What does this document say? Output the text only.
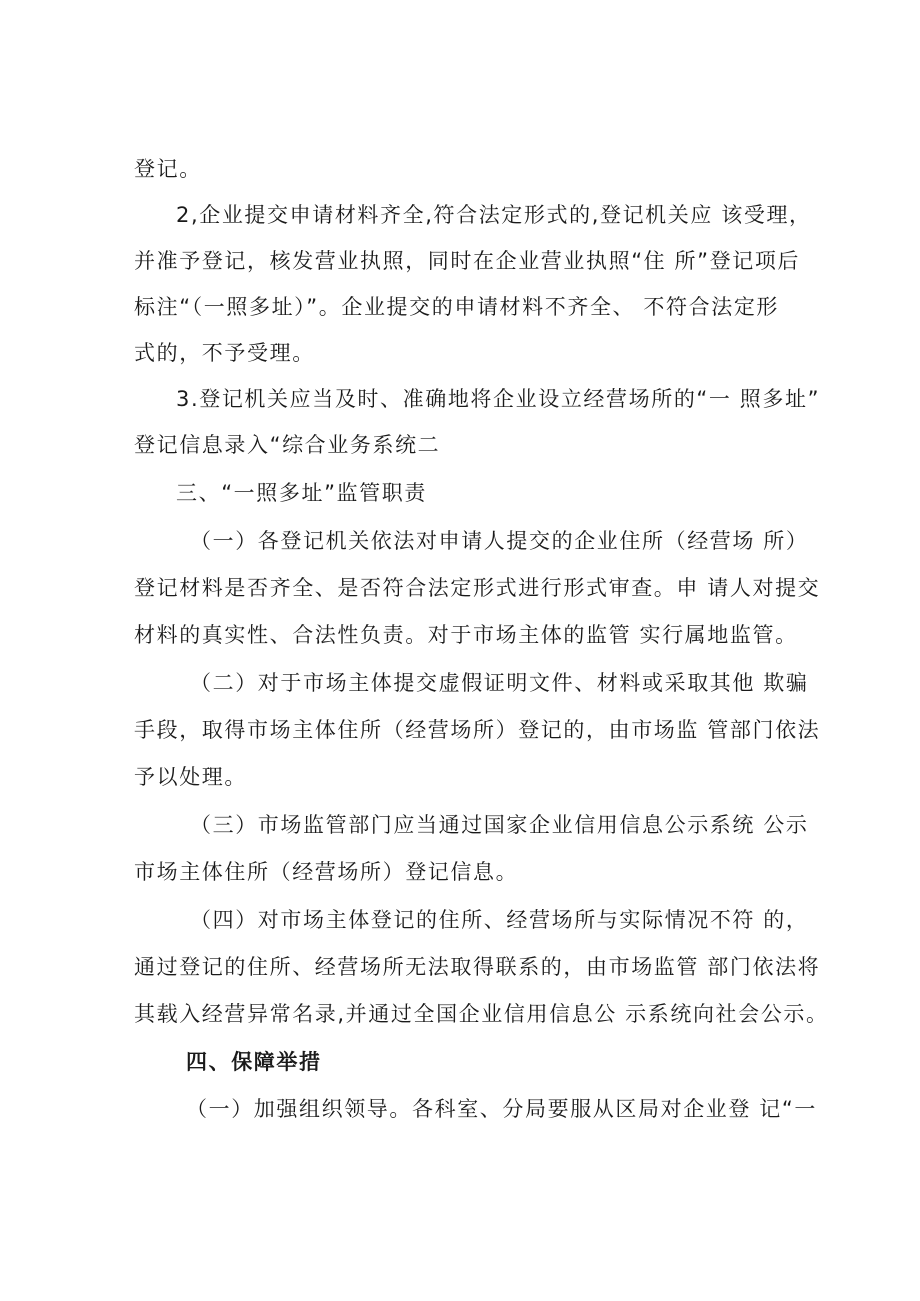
登记。
2,企业提交申请材料齐全,符合法定形式的,登记机关应 该受理，
并准予登记，核发营业执照，同时在企业营业执照“住 所”登记项后
标注“（一照多址）”。企业提交的申请材料不齐全、 不符合法定形
式的，不予受理。
3.登记机关应当及时、准确地将企业设立经营场所的“一 照多址”
登记信息录入“综合业务系统二
三、“一照多址”监管职责
（一）各登记机关依法对申请人提交的企业住所（经营场 所）
登记材料是否齐全、是否符合法定形式进行形式审查。申 请人对提交
材料的真实性、合法性负责。对于市场主体的监管 实行属地监管。
（二）对于市场主体提交虚假证明文件、材料或采取其他 欺骗
手段，取得市场主体住所（经营场所）登记的，由市场监 管部门依法
予以处理。
（三）市场监管部门应当通过国家企业信用信息公示系统 公示
市场主体住所（经营场所）登记信息。
（四）对市场主体登记的住所、经营场所与实际情况不符 的，
通过登记的住所、经营场所无法取得联系的，由市场监管 部门依法将
其载入经营异常名录,并通过全国企业信用信息公 示系统向社会公示。
四、保障举措
（一）加强组织领导。各科室、分局要服从区局对企业登 记“一
